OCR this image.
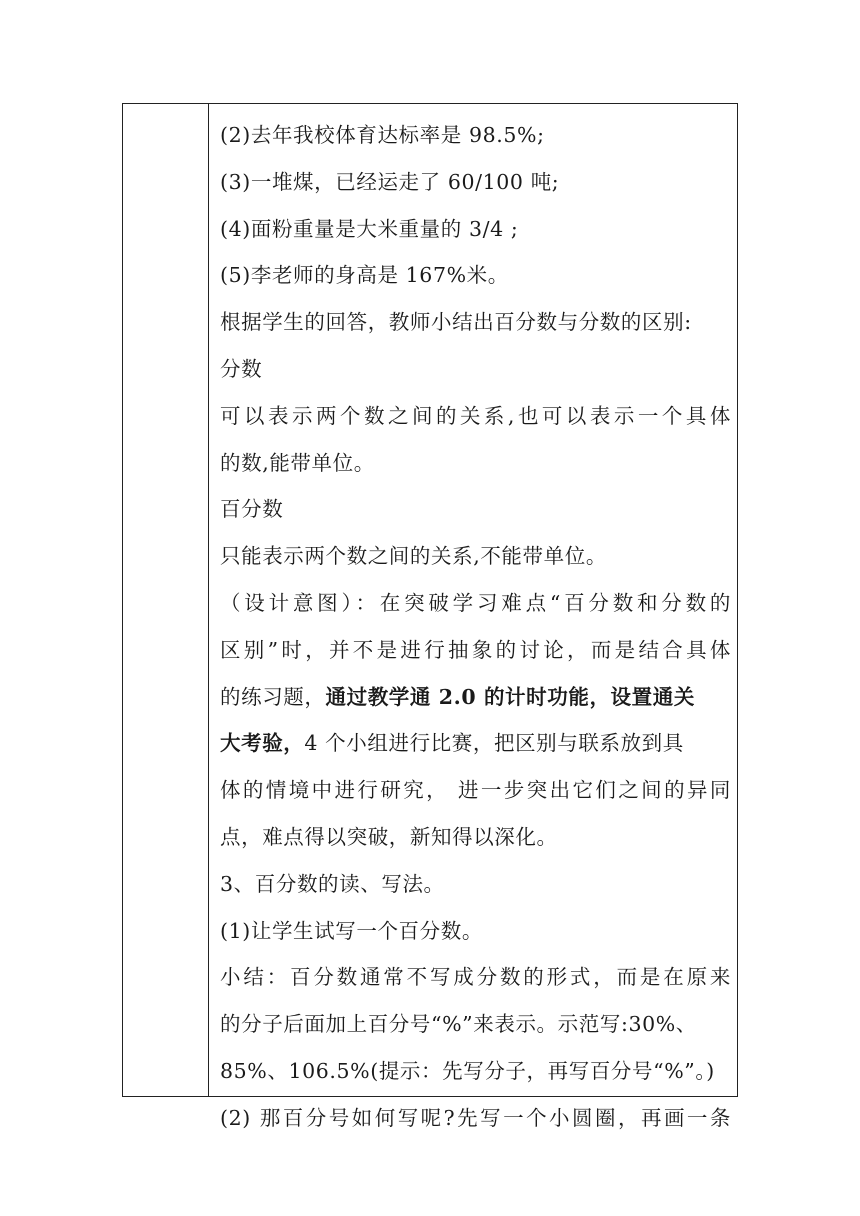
(2)去年我校体育达标率是 98.5%;
(3)一堆煤，已经运走了 60/100 吨;
(4)面粉重量是大米重量的 3/4 ;
(5)李老师的身高是 167%米。
根据学生的回答，教师小结出百分数与分数的区别:
分数
可以表示两个数之间的关系,也可以表示一个具体
的数,能带单位。
百分数
只能表示两个数之间的关系,不能带单位。
（设计意图）：在突破学习难点“百分数和分数的
区别”时，并不是进行抽象的讨论，而是结合具体
的练习题，通过教学通 2.0 的计时功能，设置通关
大考验，4 个小组进行比赛，把区别与联系放到具
体的情境中进行研究， 进一步突出它们之间的异同
点，难点得以突破，新知得以深化。
3、百分数的读、写法。
(1)让学生试写一个百分数。
小结：百分数通常不写成分数的形式，而是在原来
的分子后面加上百分号“%”来表示。示范写:30%、
85%、106.5%(提示：先写分子，再写百分号“%”。)
(2) 那百分号如何写呢?先写一个小圆圈，再画一条
